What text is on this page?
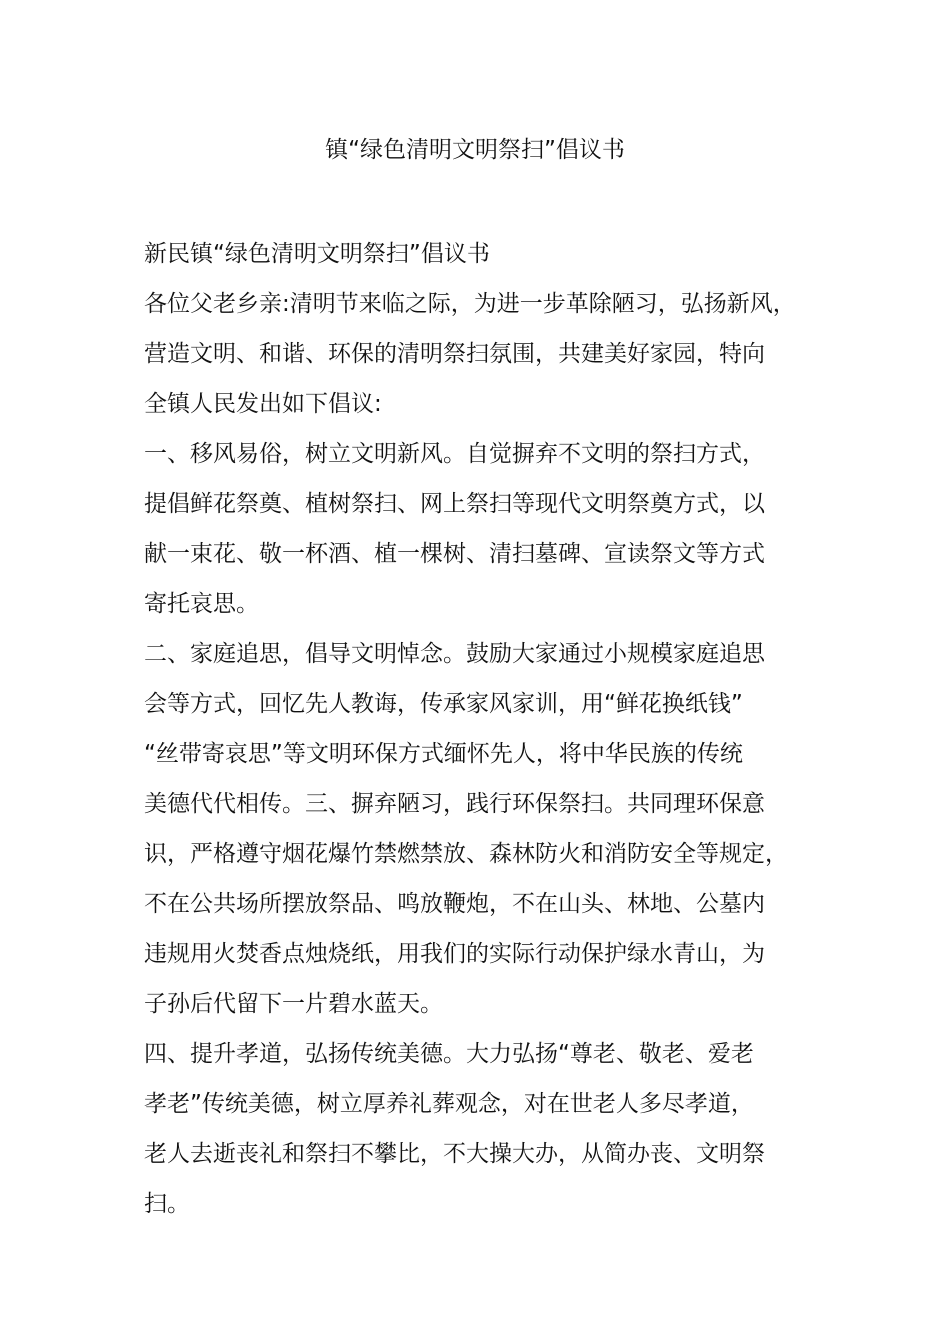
镇“绿色清明文明祭扫”倡议书
新民镇“绿色清明文明祭扫”倡议书
各位父老乡亲:清明节来临之际，为进一步革除陋习，弘扬新风，
营造文明、和谐、环保的清明祭扫氛围，共建美好家园，特向
全镇人民发出如下倡议:
一、移风易俗，树立文明新风。自觉摒弃不文明的祭扫方式，
提倡鲜花祭奠、植树祭扫、网上祭扫等现代文明祭奠方式，以
献一束花、敬一杯酒、植一棵树、清扫墓碑、宣读祭文等方式
寄托哀思。
二、家庭追思，倡导文明悼念。鼓励大家通过小规模家庭追思
会等方式，回忆先人教诲，传承家风家训，用“鲜花换纸钱”
“丝带寄哀思”等文明环保方式缅怀先人，将中华民族的传统
美德代代相传。三、摒弃陋习，践行环保祭扫。共同理环保意
识，严格遵守烟花爆竹禁燃禁放、森林防火和消防安全等规定，
不在公共场所摆放祭品、鸣放鞭炮，不在山头、林地、公墓内
违规用火焚香点烛烧纸，用我们的实际行动保护绿水青山，为
子孙后代留下一片碧水蓝天。
四、提升孝道，弘扬传统美德。大力弘扬“尊老、敬老、爱老
孝老”传统美德，树立厚养礼葬观念，对在世老人多尽孝道，
老人去逝丧礼和祭扫不攀比，不大操大办，从简办丧、文明祭
扫。
